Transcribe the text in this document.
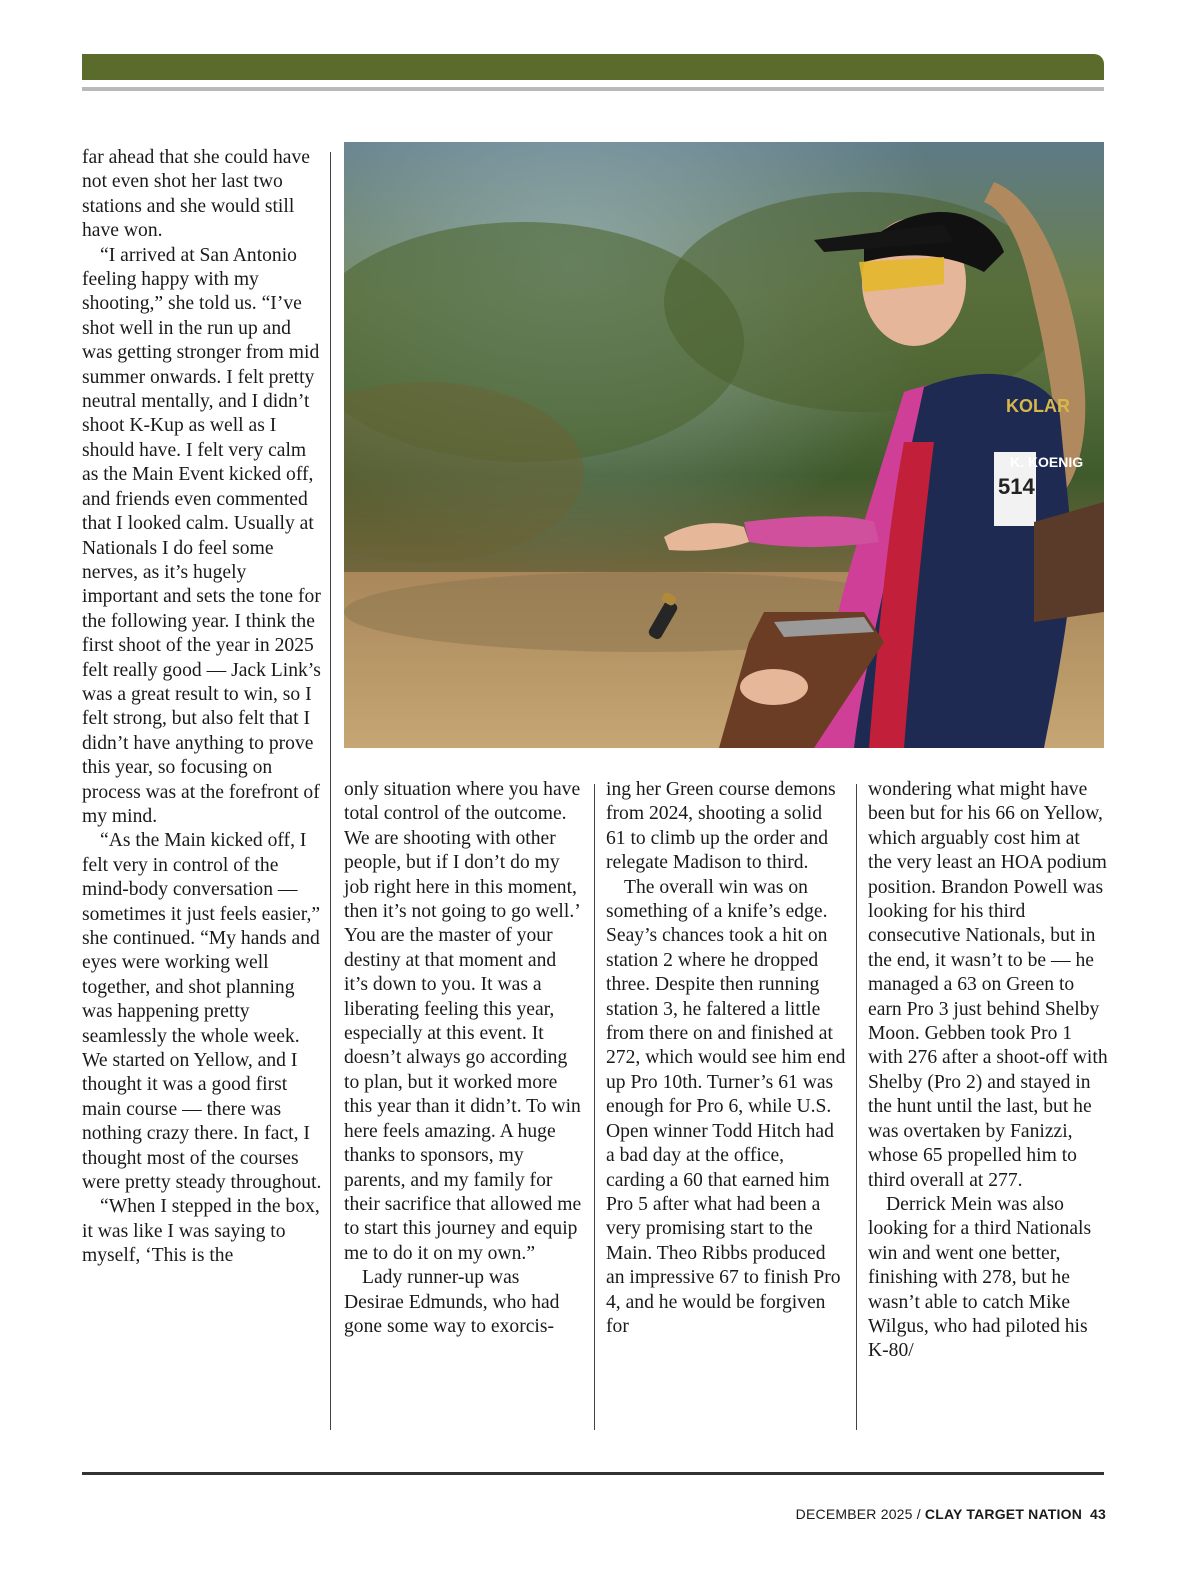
far ahead that she could have not even shot her last two stations and she would still have won.

“I arrived at San Antonio feeling happy with my shooting,” she told us. “I’ve shot well in the run up and was getting stronger from mid summer onwards. I felt pretty neutral mentally, and I didn’t shoot K-Kup as well as I should have. I felt very calm as the Main Event kicked off, and friends even commented that I looked calm. Usually at Nationals I do feel some nerves, as it’s hugely important and sets the tone for the following year. I think the first shoot of the year in 2025 felt really good — Jack Link’s was a great result to win, so I felt strong, but also felt that I didn’t have anything to prove this year, so focusing on process was at the forefront of my mind.

“As the Main kicked off, I felt very in control of the mind-body conversation — sometimes it just feels easier,” she continued. “My hands and eyes were working well together, and shot planning was happening pretty seamlessly the whole week. We started on Yellow, and I thought it was a good first main course — there was nothing crazy there. In fact, I thought most of the courses were pretty steady throughout.

“When I stepped in the box, it was like I was saying to myself, ‘This is the

514
K. KOENIG
KOLAR

only situation where you have total control of the outcome. We are shooting with other people, but if I don’t do my job right here in this moment, then it’s not going to go well.’ You are the master of your destiny at that moment and it’s down to you. It was a liberating feeling this year, especially at this event. It doesn’t always go according to plan, but it worked more this year than it didn’t. To win here feels amazing. A huge thanks to sponsors, my parents, and my family for their sacrifice that allowed me to start this journey and equip me to do it on my own.”

Lady runner-up was Desirae Edmunds, who had gone some way to exorcis-

ing her Green course demons from 2024, shooting a solid 61 to climb up the order and relegate Madison to third.

The overall win was on something of a knife’s edge. Seay’s chances took a hit on station 2 where he dropped three. Despite then running station 3, he faltered a little from there on and finished at 272, which would see him end up Pro 10th. Turner’s 61 was enough for Pro 6, while U.S. Open winner Todd Hitch had a bad day at the office, carding a 60 that earned him Pro 5 after what had been a very promising start to the Main. Theo Ribbs produced an impressive 67 to finish Pro 4, and he would be forgiven for

wondering what might have been but for his 66 on Yellow, which arguably cost him at the very least an HOA podium position. Brandon Powell was looking for his third consecutive Nationals, but in the end, it wasn’t to be — he managed a 63 on Green to earn Pro 3 just behind Shelby Moon. Gebben took Pro 1 with 276 after a shoot-off with Shelby (Pro 2) and stayed in the hunt until the last, but he was overtaken by Fanizzi, whose 65 propelled him to third overall at 277.

Derrick Mein was also looking for a third Nationals win and went one better, finishing with 278, but he wasn’t able to catch Mike Wilgus, who had piloted his K-80/

DECEMBER 2025 / CLAY TARGET NATION 43
